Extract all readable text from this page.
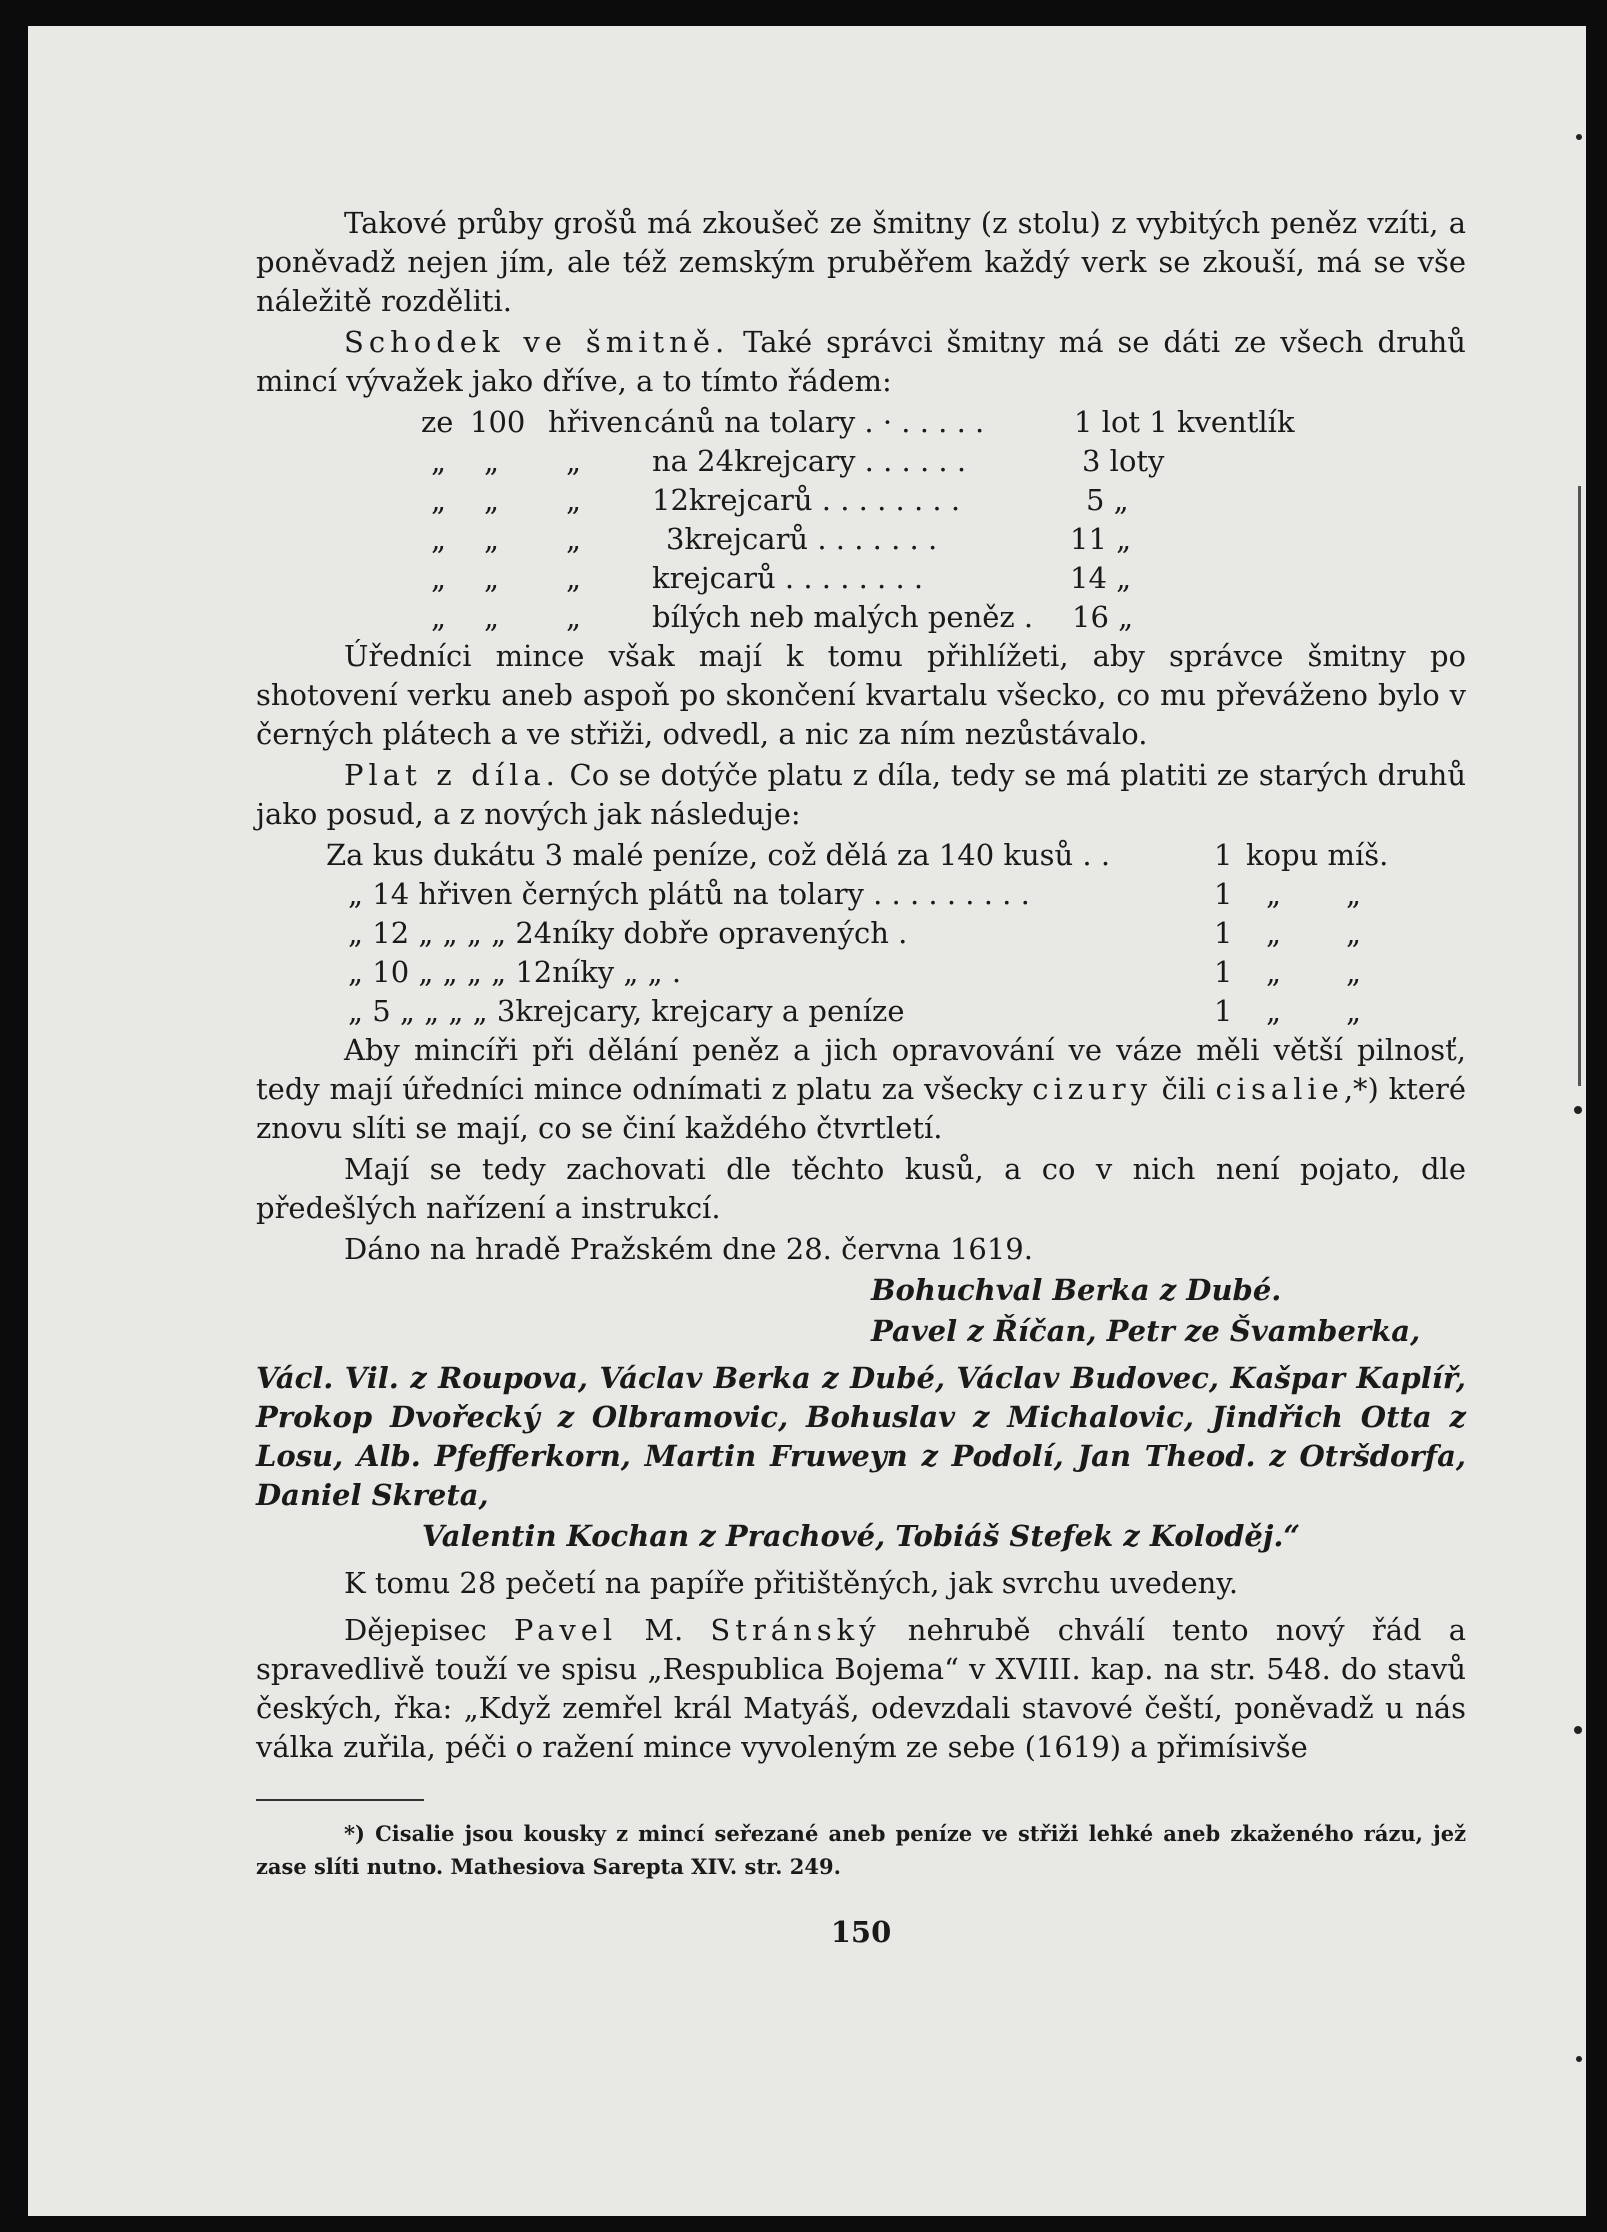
Takové průby grošů má zkoušeč ze šmitny (z stolu) z vybitých peněz vzíti, a poněvadž nejen jím, ale též zemským pruběřem každý verk se zkouší, má se vše náležitě rozděliti.

Schodek ve šmitně. Také správci šmitny má se dáti ze všech druhů mincí vývažek jako dříve, a to tímto řádem:

ze 100 hřiven cánů na tolary . · . . . . .	1 lot 1 kventlík
„ „ „ na 24krejcary . . . . . .	3 loty
„ „ „ 12krejcarů . . . . . . . .	5 „
„ „ „	3krejcarů . . . . . . .	11 „
„ „ „ krejcarů . . . . . . . .	14 „
„ „ „ bílých neb malých peněz . 16 „

Úředníci mince však mají k tomu přihlížeti, aby správce šmitny po shotovení verku aneb aspoň po skončení kvartalu všecko, co mu převáženo bylo v černých plátech a ve střiži, odvedl, a nic za ním nezůstávalo.

Plat z díla. Co se dotýče platu z díla, tedy se má platiti ze starých druhů jako posud, a z nových jak následuje:

Za kus dukátu 3 malé peníze, což dělá za 140 kusů . .	1 kopu míš.
„ 14 hřiven černých plátů na tolary . . . . . . . . .	1 „ „
„ 12 „ „ „ „ 24níky dobře opravených .	1 „ „
„ 10 „ „ „ „ 12níky „ „ .	1 „ „
„ 5 „ „ „ „ 3krejcary, krejcary a peníze	1 „ „

Aby mincíři při dělání peněz a jich opravování ve váze měli větší pilnosť, tedy mají úředníci mince odnímati z platu za všecky cizury čili cisalie,*) které znovu slíti se mají, co se činí každého čtvrtletí.

Mají se tedy zachovati dle těchto kusů, a co v nich není pojato, dle předešlých nařízení a instrukcí.

Dáno na hradě Pražském dne 28. června 1619.

Bohuchval Berka z Dubé.

Pavel z Říčan, Petr ze Švamberka,

Václ. Vil. z Roupova, Václav Berka z Dubé, Václav Budovec, Kašpar Kaplíř, Prokop Dvořecký z Olbramovic, Bohuslav z Michalovic, Jindřich Otta z Losu, Alb. Pfefferkorn, Martin Fruweyn z Podolí, Jan Theod. z Otršdorfa, Daniel Skreta,

Valentin Kochan z Prachové, Tobiáš Stefek z Koloděj.“

K tomu 28 pečetí na papíře přitištěných, jak svrchu uvedeny.

Dějepisec Pavel M. Stránský nehrubě chválí tento nový řád a spravedlivě touží ve spisu „Respublica Bojema“ v XVIII. kap. na str. 548. do stavů českých, řka: „Když zemřel král Matyáš, odevzdali stavové čeští, poněvadž u nás válka zuřila, péči o ražení mince vyvoleným ze sebe (1619) a přimísivše

*) Cisalie jsou kousky z mincí seřezané aneb peníze ve střiži lehké aneb zkaženého rázu, jež zase slíti nutno. Mathesiova Sarepta XIV. str. 249.

150
